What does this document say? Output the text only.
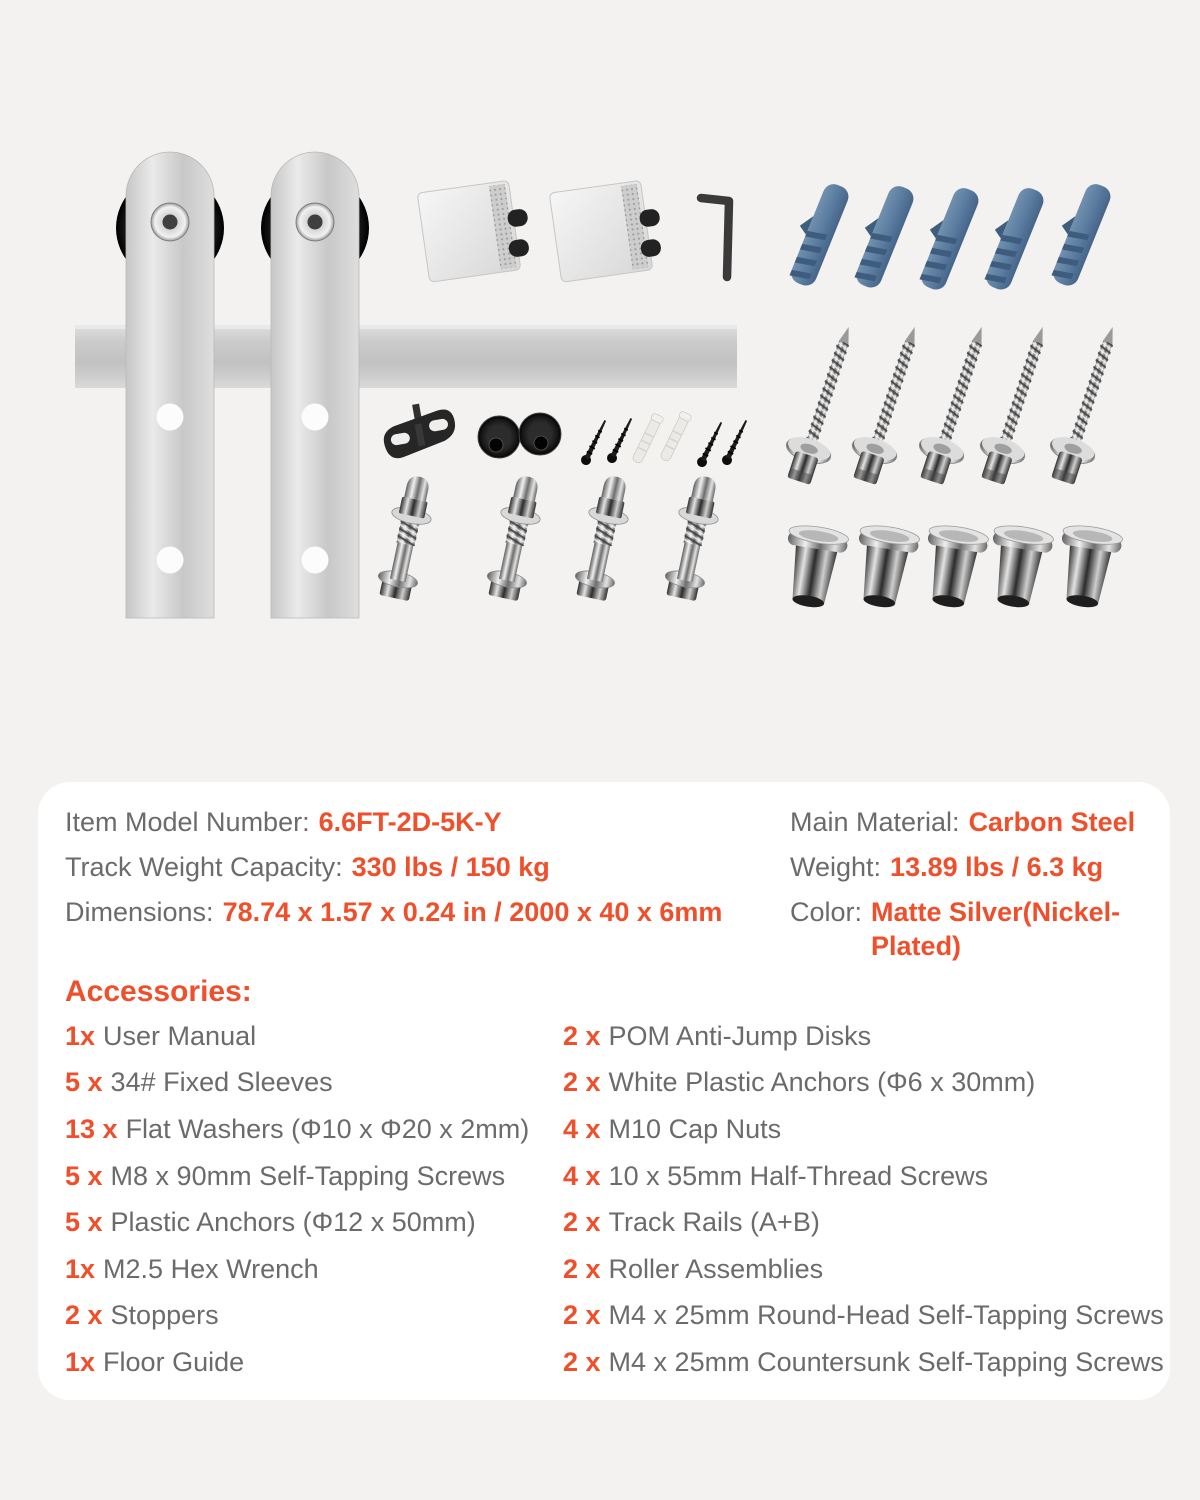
Item Model Number: 6.6FT-2D-5K-Y
Track Weight Capacity: 330 lbs / 150 kg
Dimensions: 78.74 x 1.57 x 0.24 in / 2000 x 40 x 6mm
Main Material: Carbon Steel
Weight: 13.89 lbs / 6.3 kg
Color: Matte Silver(Nickel-Plated)
Accessories:
1x User Manual
5 x 34# Fixed Sleeves
13 x Flat Washers (Φ10 x Φ20 x 2mm)
5 x M8 x 90mm Self-Tapping Screws
5 x Plastic Anchors (Φ12 x 50mm)
1x M2.5 Hex Wrench
2 x Stoppers
1x Floor Guide
2 x POM Anti-Jump Disks
2 x White Plastic Anchors (Φ6 x 30mm)
4 x M10 Cap Nuts
4 x 10 x 55mm Half-Thread Screws
2 x Track Rails (A+B)
2 x Roller Assemblies
2 x M4 x 25mm Round-Head Self-Tapping Screws
2 x M4 x 25mm Countersunk Self-Tapping Screws
